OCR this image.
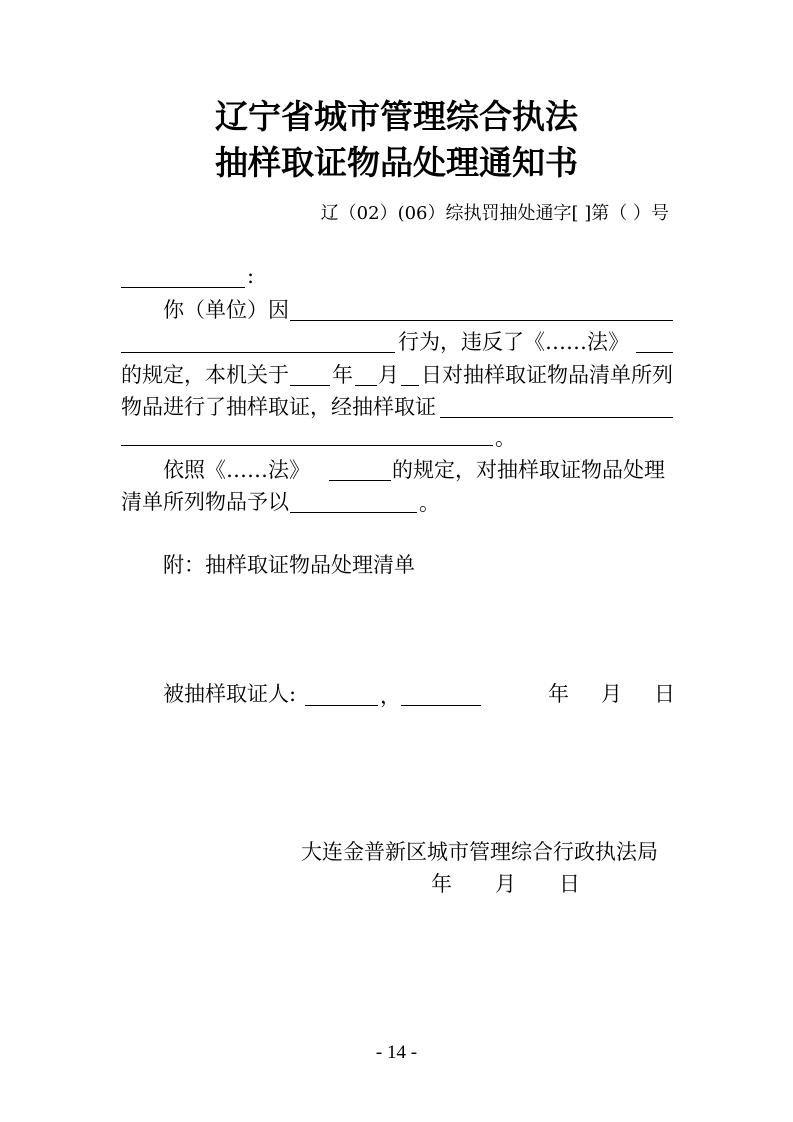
辽宁省城市管理综合执法
抽样取证物品处理通知书
辽（02）(06）综执罚抽处通字[ ]第（ ）号
:
你（单位）因
行为，违反了《……法》
的规定，本机关于 年 月 日对抽样取证物品清单所列
物品进行了抽样取证，经抽样取证
。
依照《……法》	的规定，对抽样取证物品处理
清单所列物品予以	。
附：抽样取证物品处理清单
被抽样取证人:	，	年 月 日
大连金普新区城市管理综合行政执法局
年 月 日
- 14 -
